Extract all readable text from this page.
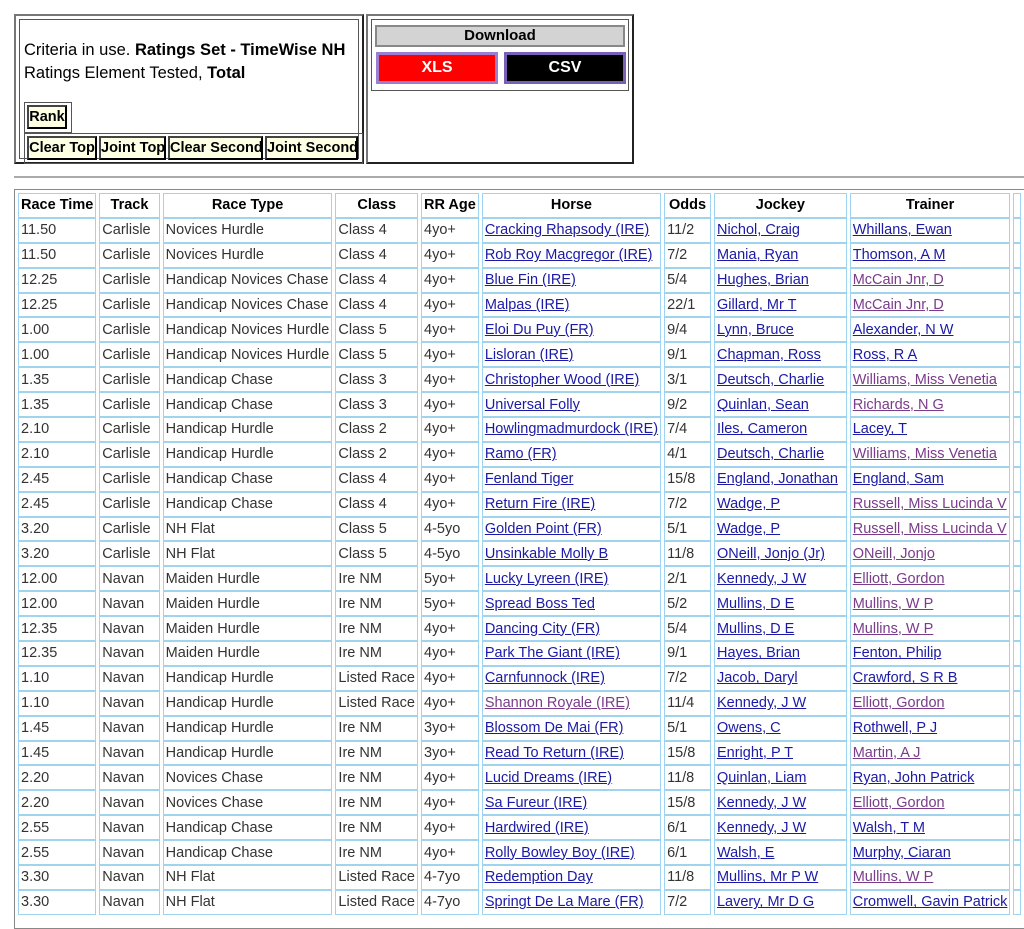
Criteria in use. Ratings Set - TimeWise NH
Ratings Element Tested, Total
Rank
Clear Top Joint Top Clear Second Joint Second
Download
XLS	CSV
Race Time	Track	Race Type	Class	RR Age	Horse	Odds	Jockey	Trainer	
11.50	Carlisle	Novices Hurdle	Class 4	4yo+	Cracking Rhapsody (IRE)	11/2	Nichol, Craig	Whillans, Ewan	
11.50	Carlisle	Novices Hurdle	Class 4	4yo+	Rob Roy Macgregor (IRE)	7/2	Mania, Ryan	Thomson, A M	
12.25	Carlisle	Handicap Novices Chase	Class 4	4yo+	Blue Fin (IRE)	5/4	Hughes, Brian	McCain Jnr, D	
12.25	Carlisle	Handicap Novices Chase	Class 4	4yo+	Malpas (IRE)	22/1	Gillard, Mr T	McCain Jnr, D	
1.00	Carlisle	Handicap Novices Hurdle	Class 5	4yo+	Eloi Du Puy (FR)	9/4	Lynn, Bruce	Alexander, N W	
1.00	Carlisle	Handicap Novices Hurdle	Class 5	4yo+	Lisloran (IRE)	9/1	Chapman, Ross	Ross, R A	
1.35	Carlisle	Handicap Chase	Class 3	4yo+	Christopher Wood (IRE)	3/1	Deutsch, Charlie	Williams, Miss Venetia	
1.35	Carlisle	Handicap Chase	Class 3	4yo+	Universal Folly	9/2	Quinlan, Sean	Richards, N G	
2.10	Carlisle	Handicap Hurdle	Class 2	4yo+	Howlingmadmurdock (IRE)	7/4	Iles, Cameron	Lacey, T	
2.10	Carlisle	Handicap Hurdle	Class 2	4yo+	Ramo (FR)	4/1	Deutsch, Charlie	Williams, Miss Venetia	
2.45	Carlisle	Handicap Chase	Class 4	4yo+	Fenland Tiger	15/8	England, Jonathan	England, Sam	
2.45	Carlisle	Handicap Chase	Class 4	4yo+	Return Fire (IRE)	7/2	Wadge, P	Russell, Miss Lucinda V	
3.20	Carlisle	NH Flat	Class 5	4-5yo	Golden Point (FR)	5/1	Wadge, P	Russell, Miss Lucinda V	
3.20	Carlisle	NH Flat	Class 5	4-5yo	Unsinkable Molly B	11/8	ONeill, Jonjo (Jr)	ONeill, Jonjo	
12.00	Navan	Maiden Hurdle	Ire NM	5yo+	Lucky Lyreen (IRE)	2/1	Kennedy, J W	Elliott, Gordon	
12.00	Navan	Maiden Hurdle	Ire NM	5yo+	Spread Boss Ted	5/2	Mullins, D E	Mullins, W P	
12.35	Navan	Maiden Hurdle	Ire NM	4yo+	Dancing City (FR)	5/4	Mullins, D E	Mullins, W P	
12.35	Navan	Maiden Hurdle	Ire NM	4yo+	Park The Giant (IRE)	9/1	Hayes, Brian	Fenton, Philip	
1.10	Navan	Handicap Hurdle	Listed Race	4yo+	Carnfunnock (IRE)	7/2	Jacob, Daryl	Crawford, S R B	
1.10	Navan	Handicap Hurdle	Listed Race	4yo+	Shannon Royale (IRE)	11/4	Kennedy, J W	Elliott, Gordon	
1.45	Navan	Handicap Hurdle	Ire NM	3yo+	Blossom De Mai (FR)	5/1	Owens, C	Rothwell, P J	
1.45	Navan	Handicap Hurdle	Ire NM	3yo+	Read To Return (IRE)	15/8	Enright, P T	Martin, A J	
2.20	Navan	Novices Chase	Ire NM	4yo+	Lucid Dreams (IRE)	11/8	Quinlan, Liam	Ryan, John Patrick	
2.20	Navan	Novices Chase	Ire NM	4yo+	Sa Fureur (IRE)	15/8	Kennedy, J W	Elliott, Gordon	
2.55	Navan	Handicap Chase	Ire NM	4yo+	Hardwired (IRE)	6/1	Kennedy, J W	Walsh, T M	
2.55	Navan	Handicap Chase	Ire NM	4yo+	Rolly Bowley Boy (IRE)	6/1	Walsh, E	Murphy, Ciaran	
3.30	Navan	NH Flat	Listed Race	4-7yo	Redemption Day	11/8	Mullins, Mr P W	Mullins, W P	
3.30	Navan	NH Flat	Listed Race	4-7yo	Springt De La Mare (FR)	7/2	Lavery, Mr D G	Cromwell, Gavin Patrick	
